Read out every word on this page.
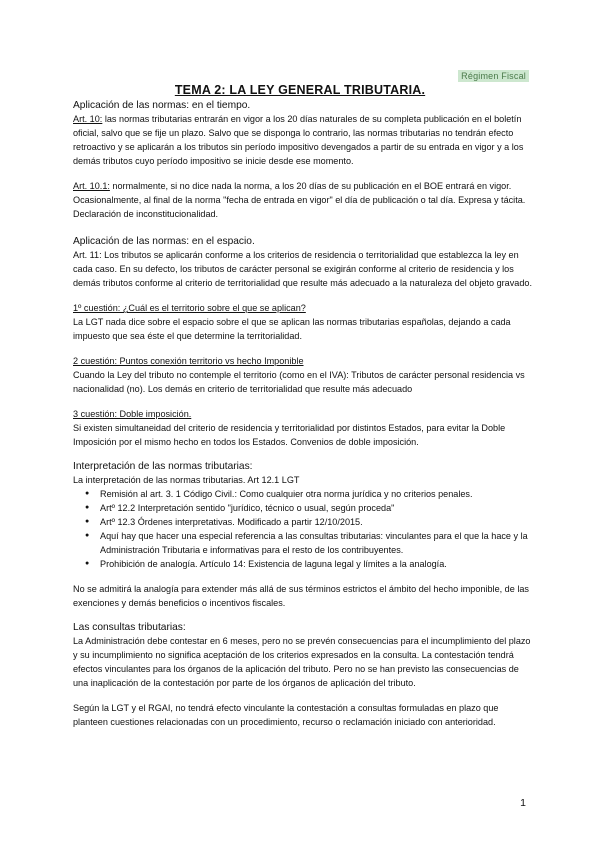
Régimen Fiscal
TEMA 2: LA LEY GENERAL TRIBUTARIA.

Aplicación de las normas: en el tiempo.

Art. 10: las normas tributarias entrarán en vigor a los 20 días naturales de su completa publicación en el boletín oficial, salvo que se fije un plazo. Salvo que se disponga lo contrario, las normas tributarias no tendrán efecto retroactivo y se aplicarán a los tributos sin período impositivo devengados a partir de su entrada en vigor y a los demás tributos cuyo período impositivo se inicie desde ese momento.

Art. 10.1: normalmente, si no dice nada la norma, a los 20 días de su publicación en el BOE entrará en vigor. Ocasionalmente, al final de la norma "fecha de entrada en vigor" el día de publicación o tal día. Expresa y tácita. Declaración de inconstitucionalidad.

Aplicación de las normas: en el espacio.

Art. 11: Los tributos se aplicarán conforme a los criterios de residencia o territorialidad que establezca la ley en cada caso. En su defecto, los tributos de carácter personal se exigirán conforme al criterio de residencia y los demás tributos conforme al criterio de territorialidad que resulte más adecuado a la naturaleza del objeto gravado.

1º cuestión: ¿Cuál es el territorio sobre el que se aplican?

La LGT nada dice sobre el espacio sobre el que se aplican las normas tributarias españolas, dejando a cada impuesto que sea éste el que determine la territorialidad.

2 cuestión: Puntos conexión territorio vs hecho Imponible

Cuando la Ley del tributo no contemple el territorio (como en el IVA): Tributos de carácter personal residencia vs nacionalidad (no). Los demás en criterio de territorialidad que resulte más adecuado

3 cuestión: Doble imposición.

Si existen simultaneidad del criterio de residencia y territorialidad por distintos Estados, para evitar la Doble Imposición por el mismo hecho en todos los Estados. Convenios de doble imposición.

Interpretación de las normas tributarias:

La interpretación de las normas tributarias. Art 12.1 LGT

● Remisión al art. 3. 1 Código Civil.: Como cualquier otra norma jurídica y no criterios penales.
● Artº 12.2 Interpretación sentido "jurídico, técnico o usual, según proceda"
● Artº 12.3 Órdenes interpretativas. Modificado a partir 12/10/2015.
● Aquí hay que hacer una especial referencia a las consultas tributarias: vinculantes para el que la hace y la Administración Tributaria e informativas para el resto de los contribuyentes.
● Prohibición de analogía. Artículo 14: Existencia de laguna legal y límites a la analogía.

No se admitirá la analogía para extender más allá de sus términos estrictos el ámbito del hecho imponible, de las exenciones y demás beneficios o incentivos fiscales.

Las consultas tributarias:

La Administración debe contestar en 6 meses, pero no se prevén consecuencias para el incumplimiento del plazo y su incumplimiento no significa aceptación de los criterios expresados en la consulta. La contestación tendrá efectos vinculantes para los órganos de la aplicación del tributo. Pero no se han previsto las consecuencias de una inaplicación de la contestación por parte de los órganos de aplicación del tributo.

Según la LGT y el RGAI, no tendrá efecto vinculante la contestación a consultas formuladas en plazo que planteen cuestiones relacionadas con un procedimiento, recurso o reclamación iniciado con anterioridad.

1
